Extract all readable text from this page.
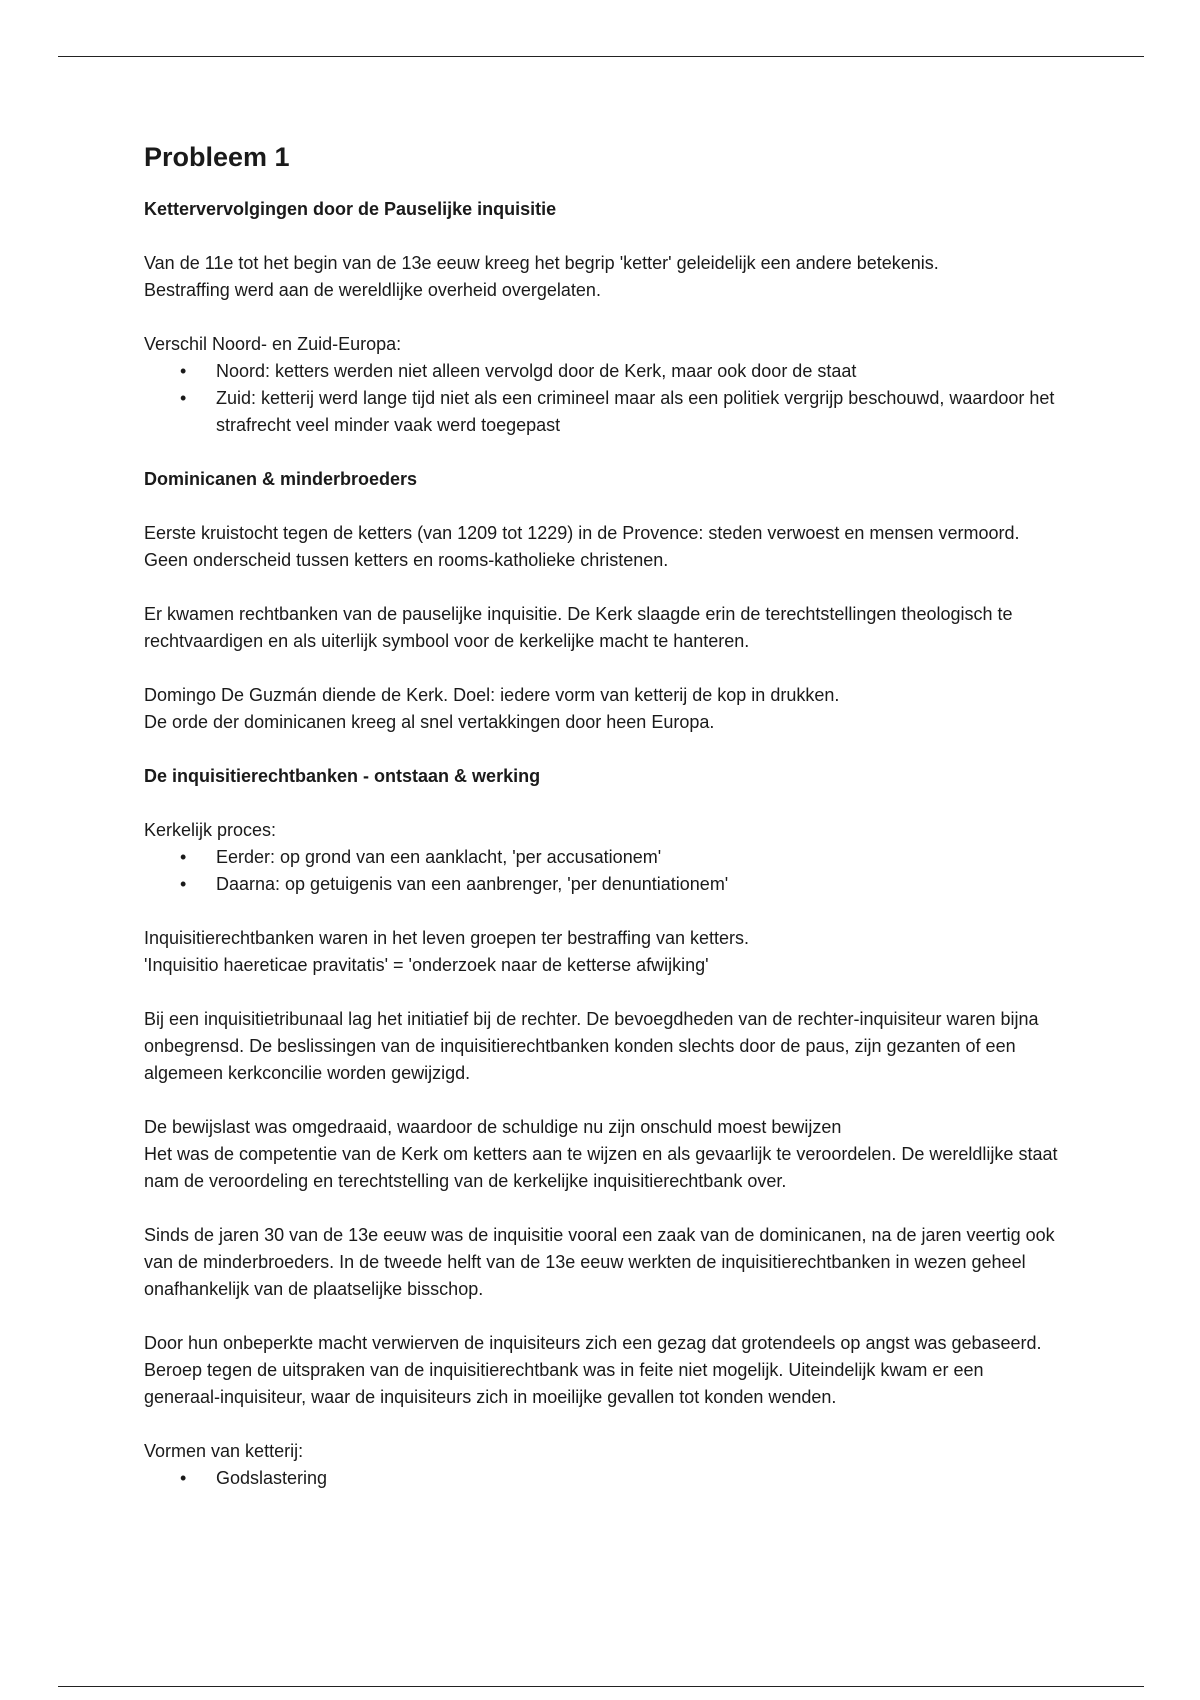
Probleem 1
Kettervervolgingen door de Pauselijke inquisitie

Van de 11e tot het begin van de 13e eeuw kreeg het begrip 'ketter' geleidelijk een andere betekenis.
Bestraffing werd aan de wereldlijke overheid overgelaten.

Verschil Noord- en Zuid-Europa:

• Noord: ketters werden niet alleen vervolgd door de Kerk, maar ook door de staat
• Zuid: ketterij werd lange tijd niet als een crimineel maar als een politiek vergrijp beschouwd, waardoor het strafrecht veel minder vaak werd toegepast
Dominicanen & minderbroeders

Eerste kruistocht tegen de ketters (van 1209 tot 1229) in de Provence: steden verwoest en mensen vermoord. Geen onderscheid tussen ketters en rooms-katholieke christenen.

Er kwamen rechtbanken van de pauselijke inquisitie. De Kerk slaagde erin de terechtstellingen theologisch te rechtvaardigen en als uiterlijk symbool voor de kerkelijke macht te hanteren.

Domingo De Guzmán diende de Kerk. Doel: iedere vorm van ketterij de kop in drukken.
De orde der dominicanen kreeg al snel vertakkingen door heen Europa.

De inquisitierechtbanken - ontstaan & werking

Kerkelijk proces:

• Eerder: op grond van een aanklacht, 'per accusationem'
• Daarna: op getuigenis van een aanbrenger, 'per denuntiationem'

Inquisitierechtbanken waren in het leven groepen ter bestraffing van ketters.
'Inquisitio haereticae pravitatis' = 'onderzoek naar de ketterse afwijking'

Bij een inquisitietribunaal lag het initiatief bij de rechter. De bevoegdheden van de rechter-inquisiteur waren bijna onbegrensd. De beslissingen van de inquisitierechtbanken konden slechts door de paus, zijn gezanten of een algemeen kerkconcilie worden gewijzigd.

De bewijslast was omgedraaid, waardoor de schuldige nu zijn onschuld moest bewijzen
Het was de competentie van de Kerk om ketters aan te wijzen en als gevaarlijk te veroordelen. De wereldlijke staat nam de veroordeling en terechtstelling van de kerkelijke inquisitierechtbank over.

Sinds de jaren 30 van de 13e eeuw was de inquisitie vooral een zaak van de dominicanen, na de jaren veertig ook van de minderbroeders. In de tweede helft van de 13e eeuw werkten de inquisitierechtbanken in wezen geheel onafhankelijk van de plaatselijke bisschop.

Door hun onbeperkte macht verwierven de inquisiteurs zich een gezag dat grotendeels op angst was gebaseerd. Beroep tegen de uitspraken van de inquisitierechtbank was in feite niet mogelijk. Uiteindelijk kwam er een generaal-inquisiteur, waar de inquisiteurs zich in moeilijke gevallen tot konden wenden.

Vormen van ketterij:

• Godslastering
